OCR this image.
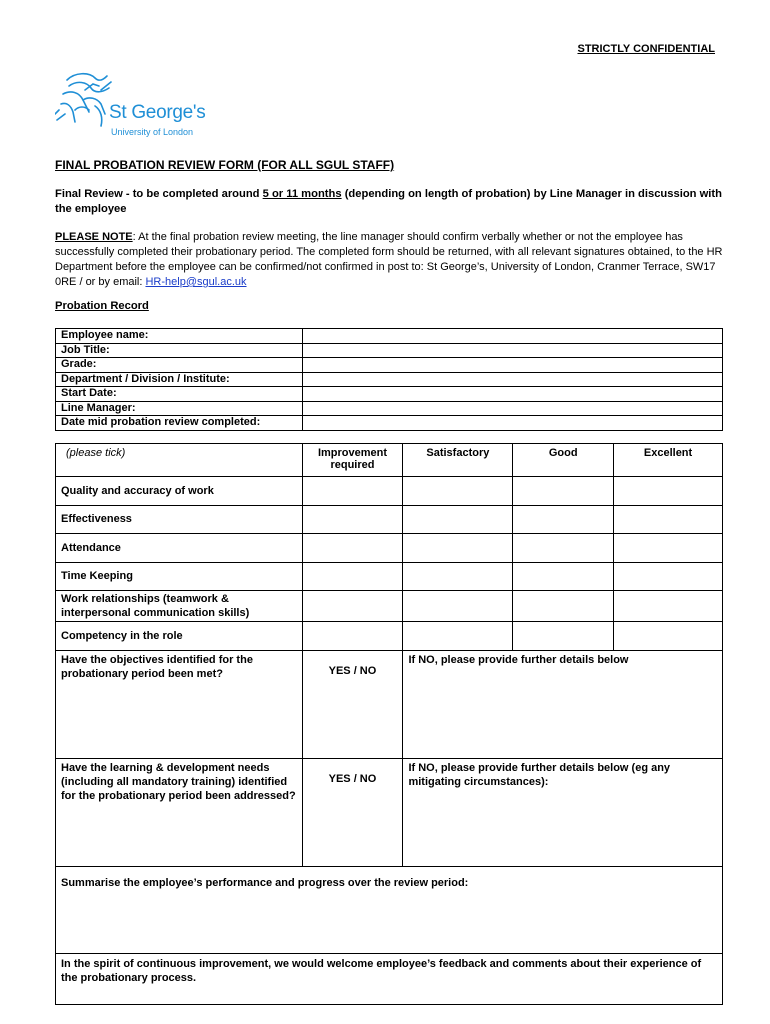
STRICTLY CONFIDENTIAL
St George's
University of London
FINAL PROBATION REVIEW FORM (FOR ALL SGUL STAFF)
Final Review - to be completed around 5 or 11 months (depending on length of probation) by Line Manager in discussion with the employee
PLEASE NOTE: At the final probation review meeting, the line manager should confirm verbally whether or not the employee has successfully completed their probationary period. The completed form should be returned, with all relevant signatures obtained, to the HR Department before the employee can be confirmed/not confirmed in post to: St George’s, University of London, Cranmer Terrace, SW17 0RE / or by email: HR-help@sgul.ac.uk
Probation Record
Employee name:	
Job Title:	
Grade:	
Department / Division / Institute:	
Start Date:	
Line Manager:	
Date mid probation review completed:	
(please tick)	Improvement required	Satisfactory	Good	Excellent
Quality and accuracy of work				
Effectiveness				
Attendance				
Time Keeping				
Work relationships (teamwork & interpersonal communication skills)				
Competency in the role				
Have the objectives identified for the probationary period been met?	YES / NO	If NO, please provide further details below		
Have the learning & development needs (including all mandatory training) identified for the probationary period been addressed?	YES / NO	If NO, please provide further details below (eg any mitigating circumstances):		
Summarise the employee’s performance and progress over the review period:				
In the spirit of continuous improvement, we would welcome employee’s feedback and comments about their experience of the probationary process.				
